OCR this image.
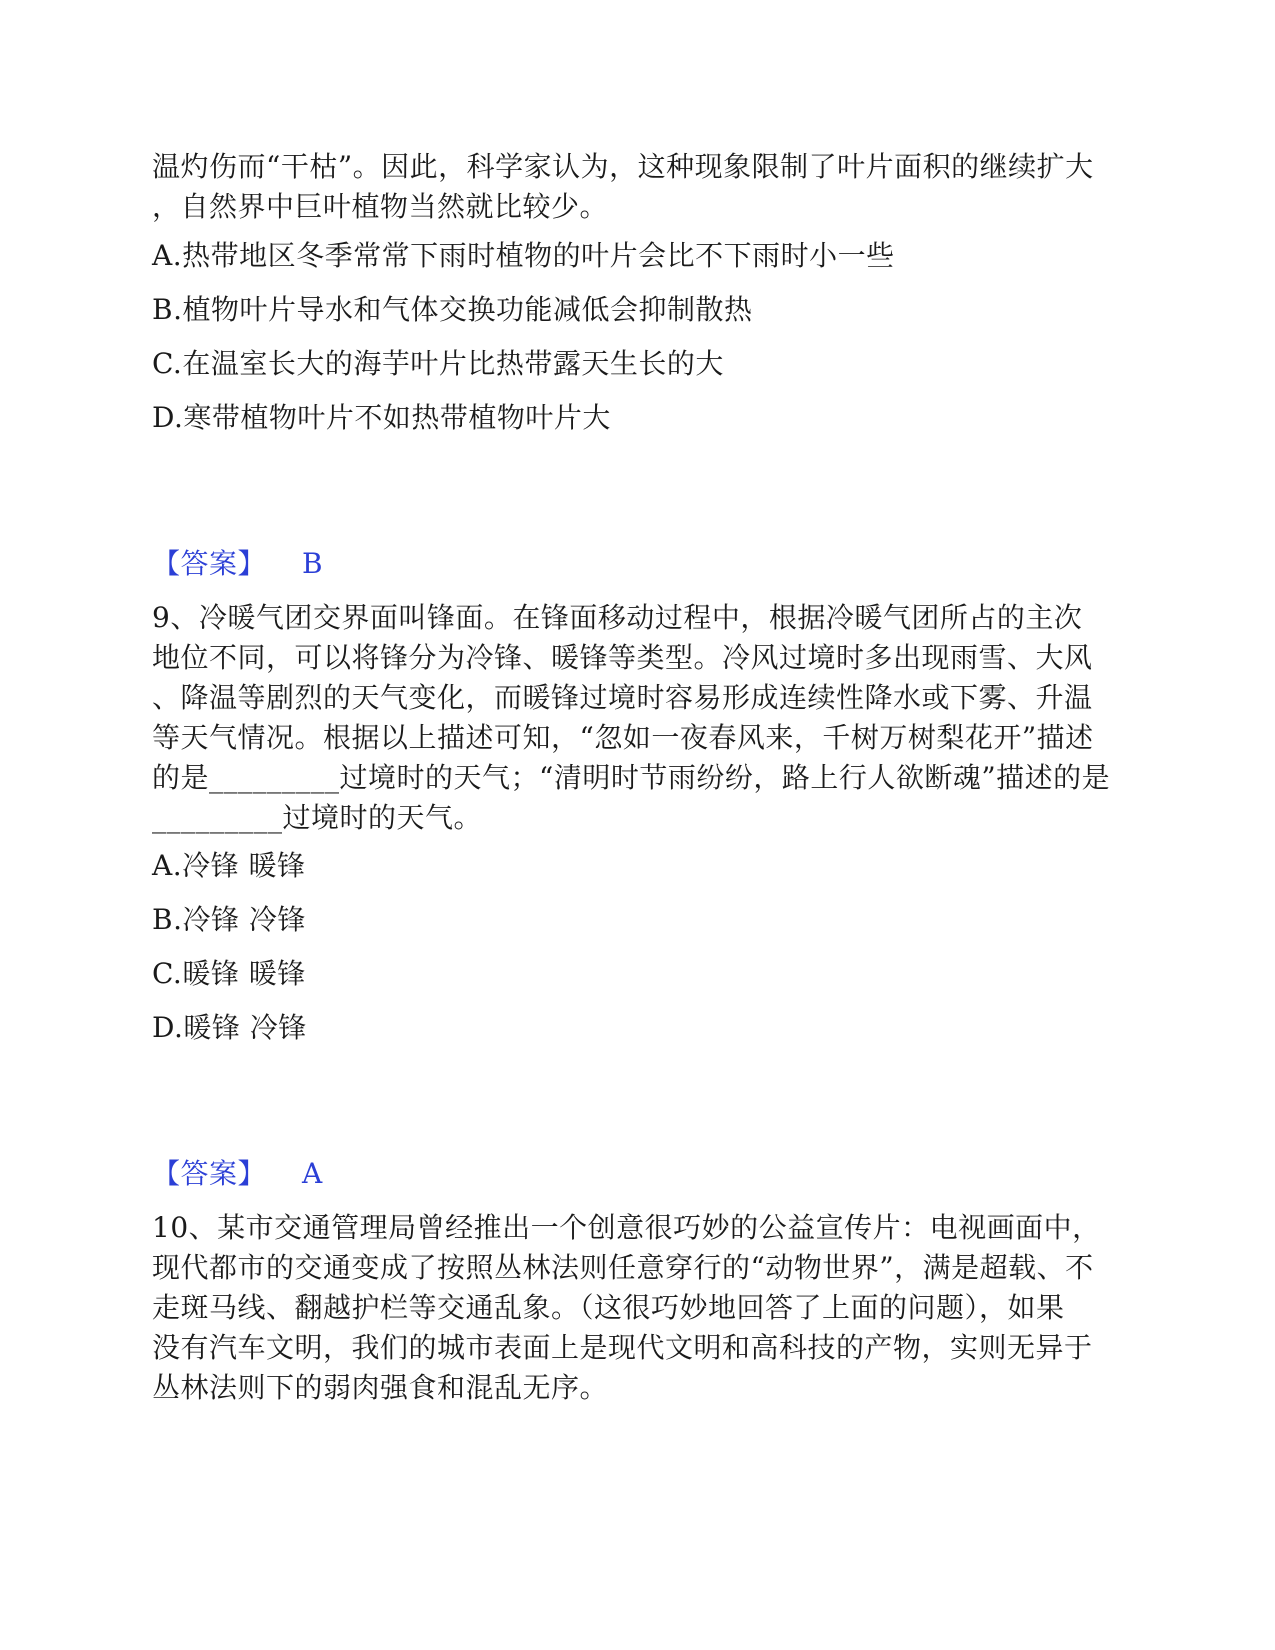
温灼伤而“干枯”。因此，科学家认为，这种现象限制了叶片面积的继续扩大
，自然界中巨叶植物当然就比较少。
A.热带地区冬季常常下雨时植物的叶片会比不下雨时小一些
B.植物叶片导水和气体交换功能减低会抑制散热
C.在温室长大的海芋叶片比热带露天生长的大
D.寒带植物叶片不如热带植物叶片大
【答案】 B
9、冷暖气团交界面叫锋面。在锋面移动过程中，根据冷暖气团所占的主次
地位不同，可以将锋分为冷锋、暖锋等类型。冷风过境时多出现雨雪、大风
、降温等剧烈的天气变化，而暖锋过境时容易形成连续性降水或下雾、升温
等天气情况。根据以上描述可知，“忽如一夜春风来，千树万树梨花开”描述
的是_________过境时的天气；“清明时节雨纷纷，路上行人欲断魂”描述的是
_________过境时的天气。
A.冷锋 暖锋
B.冷锋 冷锋
C.暖锋 暖锋
D.暖锋 冷锋
【答案】 A
10、某市交通管理局曾经推出一个创意很巧妙的公益宣传片：电视画面中，
现代都市的交通变成了按照丛林法则任意穿行的“动物世界”，满是超载、不
走斑马线、翻越护栏等交通乱象。（这很巧妙地回答了上面的问题），如果
没有汽车文明，我们的城市表面上是现代文明和高科技的产物，实则无异于
丛林法则下的弱肉强食和混乱无序。
